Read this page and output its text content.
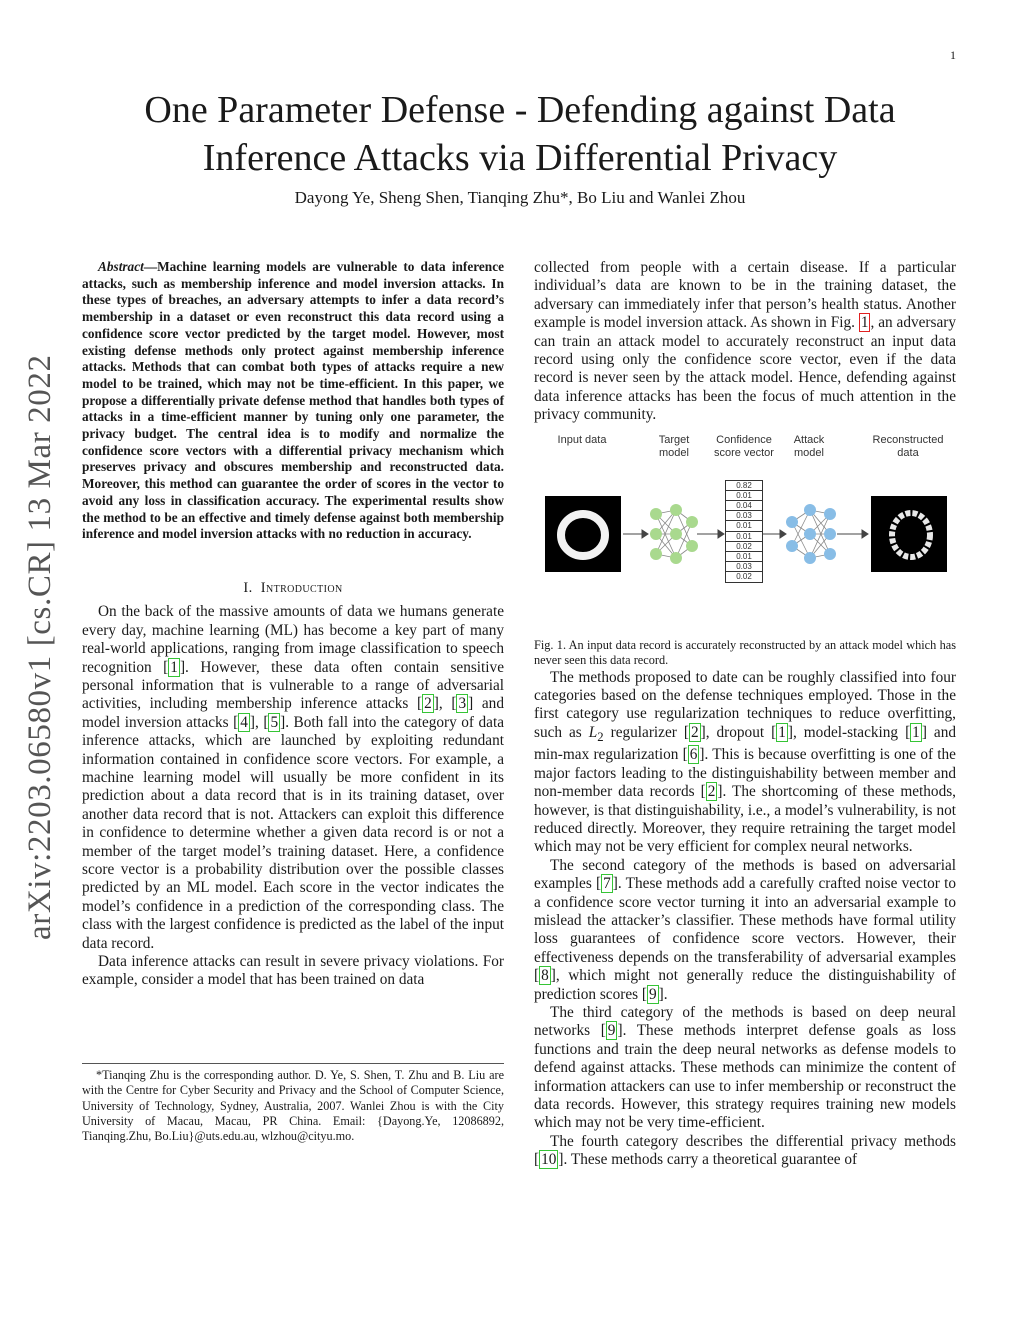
1
arXiv:2203.06580v1 [cs.CR] 13 Mar 2022
One Parameter Defense - Defending against Data
Inference Attacks via Differential Privacy
Dayong Ye, Sheng Shen, Tianqing Zhu*, Bo Liu and Wanlei Zhou

Abstract—Machine learning models are vulnerable to data inference attacks, such as membership inference and model inversion attacks. In these types of breaches, an adversary attempts to infer a data record’s membership in a dataset or even reconstruct this data record using a confidence score vector predicted by the target model. However, most existing defense methods only protect against membership inference attacks. Methods that can combat both types of attacks require a new model to be trained, which may not be time-efficient. In this paper, we propose a differentially private defense method that handles both types of attacks in a time-efficient manner by tuning only one parameter, the privacy budget. The central idea is to modify and normalize the confidence score vectors with a differential privacy mechanism which preserves privacy and obscures membership and reconstructed data. Moreover, this method can guarantee the order of scores in the vector to avoid any loss in classification accuracy. The experimental results show the method to be an effective and timely defense against both membership inference and model inversion attacks with no reduction in accuracy.

I. Introduction

On the back of the massive amounts of data we humans generate every day, machine learning (ML) has become a key part of many real-world applications, ranging from image classification to speech recognition [ 1 ]. However, these data often contain sensitive personal information that is vulnerable to a range of adversarial activities, including membership inference attacks [ 2 ], [ 3 ] and model inversion attacks [ 4 ], [ 5 ]. Both fall into the category of data inference attacks, which are launched by exploiting redundant information contained in confidence score vectors. For example, a machine learning model will usually be more confident in its prediction about a data record that is in its training dataset, over another data record that is not. Attackers can exploit this difference in confidence to determine whether a given data record is or not a member of the target model’s training dataset. Here, a confidence score vector is a probability distribution over the possible classes predicted by an ML model. Each score in the vector indicates the model’s confidence in a prediction of the corresponding class. The class with the largest confidence is predicted as the label of the input data record.

Data inference attacks can result in severe privacy violations. For example, consider a model that has been trained on data

*Tianqing Zhu is the corresponding author. D. Ye, S. Shen, T. Zhu and B. Liu are with the Centre for Cyber Security and Privacy and the School of Computer Science, University of Technology, Sydney, Australia, 2007. Wanlei Zhou is with the City University of Macau, Macau, PR China. Email: {Dayong.Ye, 12086892, Tianqing.Zhu, Bo.Liu}@uts.edu.au, wlzhou@cityu.mo.

collected from people with a certain disease. If a particular individual’s data are known to be in the training dataset, the adversary can immediately infer that person’s health status. Another example is model inversion attack. As shown in Fig. 1 , an adversary can train an attack model to accurately reconstruct an input data record using only the confidence score vector, even if the data record is never seen by the attack model. Hence, defending against data inference attacks has been the focus of much attention in the privacy community.

Input data	Target model
Confidence score vector
Attack model
Reconstructed data
0.82
0.01
0.04
0.03
0.01
0.01
0.02
0.01
0.03
0.02

Fig. 1. An input data record is accurately reconstructed by an attack model which has never seen this data record.

The methods proposed to date can be roughly classified into four categories based on the defense techniques employed. Those in the first category use regularization techniques to reduce overfitting, such as $L_2$ regularizer [ 2 ], dropout [ 1 ], model-stacking [ 1 ] and min-max regularization [ 6 ]. This is because overfitting is one of the major factors leading to the distinguishability between member and non-member data records [ 2 ]. The shortcoming of these methods, however, is that distinguishability, i.e., a model’s vulnerability, is not reduced directly. Moreover, they require retraining the target model which may not be very efficient for complex neural networks.

The second category of the methods is based on adversarial examples [ 7 ]. These methods add a carefully crafted noise vector to a confidence score vector turning it into an adversarial example to mislead the attacker’s classifier. These methods have formal utility loss guarantees of confidence score vectors. However, their effectiveness depends on the transferability of adversarial examples [ 8 ], which might not generally reduce the distinguishability of prediction scores [ 9 ].

The third category of the methods is based on deep neural networks [ 9 ]. These methods interpret defense goals as loss functions and train the deep neural networks as defense models to defend against attacks. These methods can minimize the content of information attackers can use to infer membership or reconstruct the data records. However, this strategy requires training new models which may not be very time-efficient.

The fourth category describes the differential privacy methods [ 10 ]. These methods carry a theoretical guarantee of
